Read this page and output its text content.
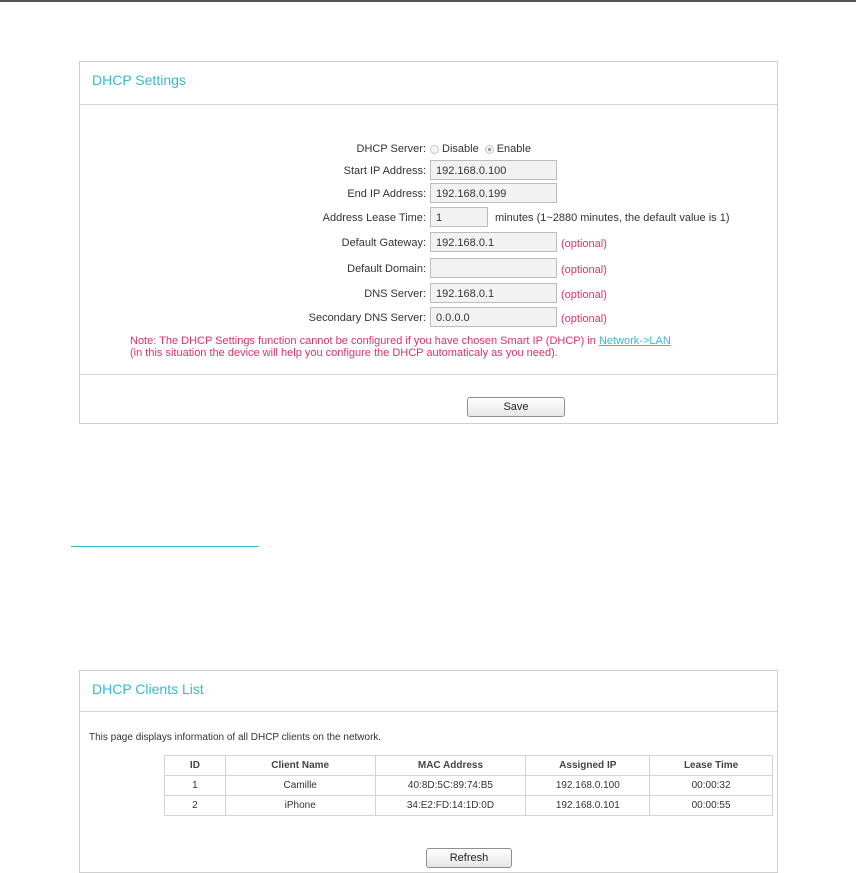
DHCP Settings
DHCP Server: Disable Enable
Start IP Address: 192.168.0.100
End IP Address: 192.168.0.199
Address Lease Time: 1	minutes (1~2880 minutes, the default value is 1)
Default Gateway: 192.168.0.1	(optional)
Default Domain:	(optional)
DNS Server: 192.168.0.1	(optional)
Secondary DNS Server: 0.0.0.0	(optional)
Note: The DHCP Settings function cannot be configured if you have chosen Smart IP (DHCP) in Network->LAN
(in this situation the device will help you configure the DHCP automaticaly as you need).
Save
DHCP Clients List
This page displays information of all DHCP clients on the network.
ID	Client Name	MAC Address	Assigned IP	Lease Time
1	Camille	40:8D:5C:89:74:B5	192.168.0.100	00:00:32
2	iPhone	34:E2:FD:14:1D:0D	192.168.0.101	00:00:55
Refresh
